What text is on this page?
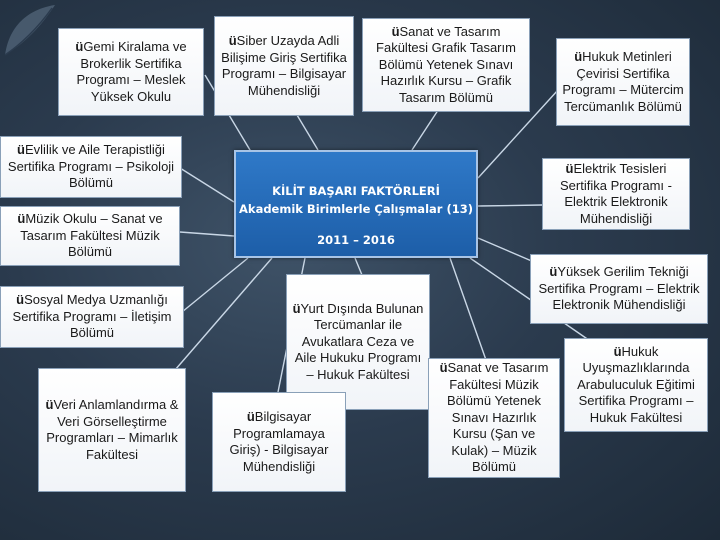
KİLİT BAŞARI FAKTÖRLERİ
Akademik Birimlerle Çalışmalar (13)
2011 – 2016
üGemi Kiralama ve Brokerlik Sertifika Programı – Meslek Yüksek Okulu
üSiber Uzayda Adli Bilişime Giriş Sertifika Programı – Bilgisayar Mühendisliği
üSanat ve Tasarım Fakültesi Grafik Tasarım Bölümü Yetenek Sınavı Hazırlık Kursu – Grafik Tasarım Bölümü
üHukuk Metinleri Çevirisi Sertifika Programı – Mütercim Tercümanlık Bölümü
üEvlilik ve Aile Terapistliği Sertifika Programı – Psikoloji Bölümü
üElektrik Tesisleri Sertifika Programı - Elektrik Elektronik Mühendisliği
üMüzik Okulu – Sanat ve Tasarım Fakültesi Müzik Bölümü
üYüksek Gerilim Tekniği Sertifika Programı – Elektrik Elektronik Mühendisliği
üSosyal Medya Uzmanlığı Sertifika Programı – İletişim Bölümü
üYurt Dışında Bulunan Tercümanlar ile Avukatlara Ceza ve Aile Hukuku Programı – Hukuk Fakültesi
üHukuk Uyuşmazlıklarında Arabuluculuk Eğitimi Sertifika Programı – Hukuk Fakültesi
üSanat ve Tasarım Fakültesi Müzik Bölümü Yetenek Sınavı Hazırlık Kursu (Şan ve Kulak) – Müzik Bölümü
üVeri Anlamlandırma & Veri Görselleştirme Programları – Mimarlık Fakültesi
üBilgisayar Programlamaya Giriş) - Bilgisayar Mühendisliği
